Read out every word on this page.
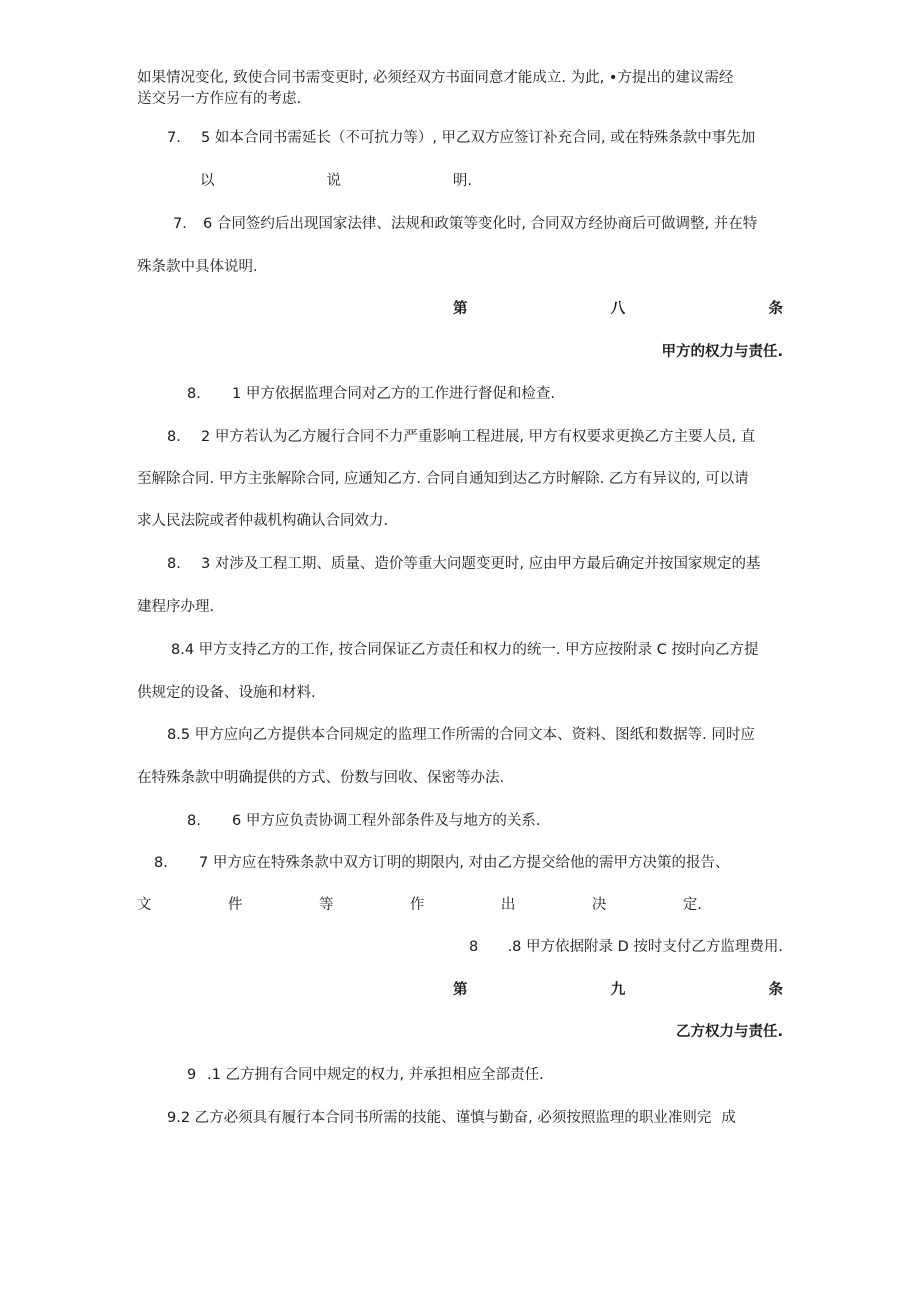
如果情况变化, 致使合同书需变更时, 必须经双方书面同意才能成立. 为此, •方提出的建议需经
送交另一方作应有的考虑.
7. 5 如本合同书需延长（不可抗力等）, 甲乙双方应签订补充合同, 或在特殊条款中事先加
以	说	明.
7. 6 合同签约后出现国家法律、法规和政策等变化时, 合同双方经协商后可做调整, 并在特
殊条款中具体说明.
第	八	条
甲方的权力与责任.
8. 1 甲方依据监理合同对乙方的工作进行督促和检查.
8. 2 甲方若认为乙方履行合同不力严重影响工程进展, 甲方有权要求更换乙方主要人员, 直
至解除合同. 甲方主张解除合同, 应通知乙方. 合同自通知到达乙方时解除. 乙方有异议的, 可以请
求人民法院或者仲裁机构确认合同效力.
8. 3 对涉及工程工期、质量、造价等重大问题变更时, 应由甲方最后确定并按国家规定的基
建程序办理.
8.4 甲方支持乙方的工作, 按合同保证乙方责任和权力的统一. 甲方应按附录 C 按时向乙方提
供规定的设备、设施和材料.
8.5 甲方应向乙方提供本合同规定的监理工作所需的合同文本、资料、图纸和数据等. 同时应
在特殊条款中明确提供的方式、份数与回收、保密等办法.
8. 6 甲方应负责协调工程外部条件及与地方的关系.
8. 7 甲方应在特殊条款中双方订明的期限内, 对由乙方提交给他的需甲方决策的报告、
文	件	等	作	出	决	定.
8 .8 甲方依据附录 D 按时支付乙方监理费用.
第	九	条
乙方权力与责任.
9 .1 乙方拥有合同中规定的权力, 并承担相应全部责任.
9.2 乙方必须具有履行本合同书所需的技能、谨慎与勤奋, 必须按照监理的职业准则完 成
